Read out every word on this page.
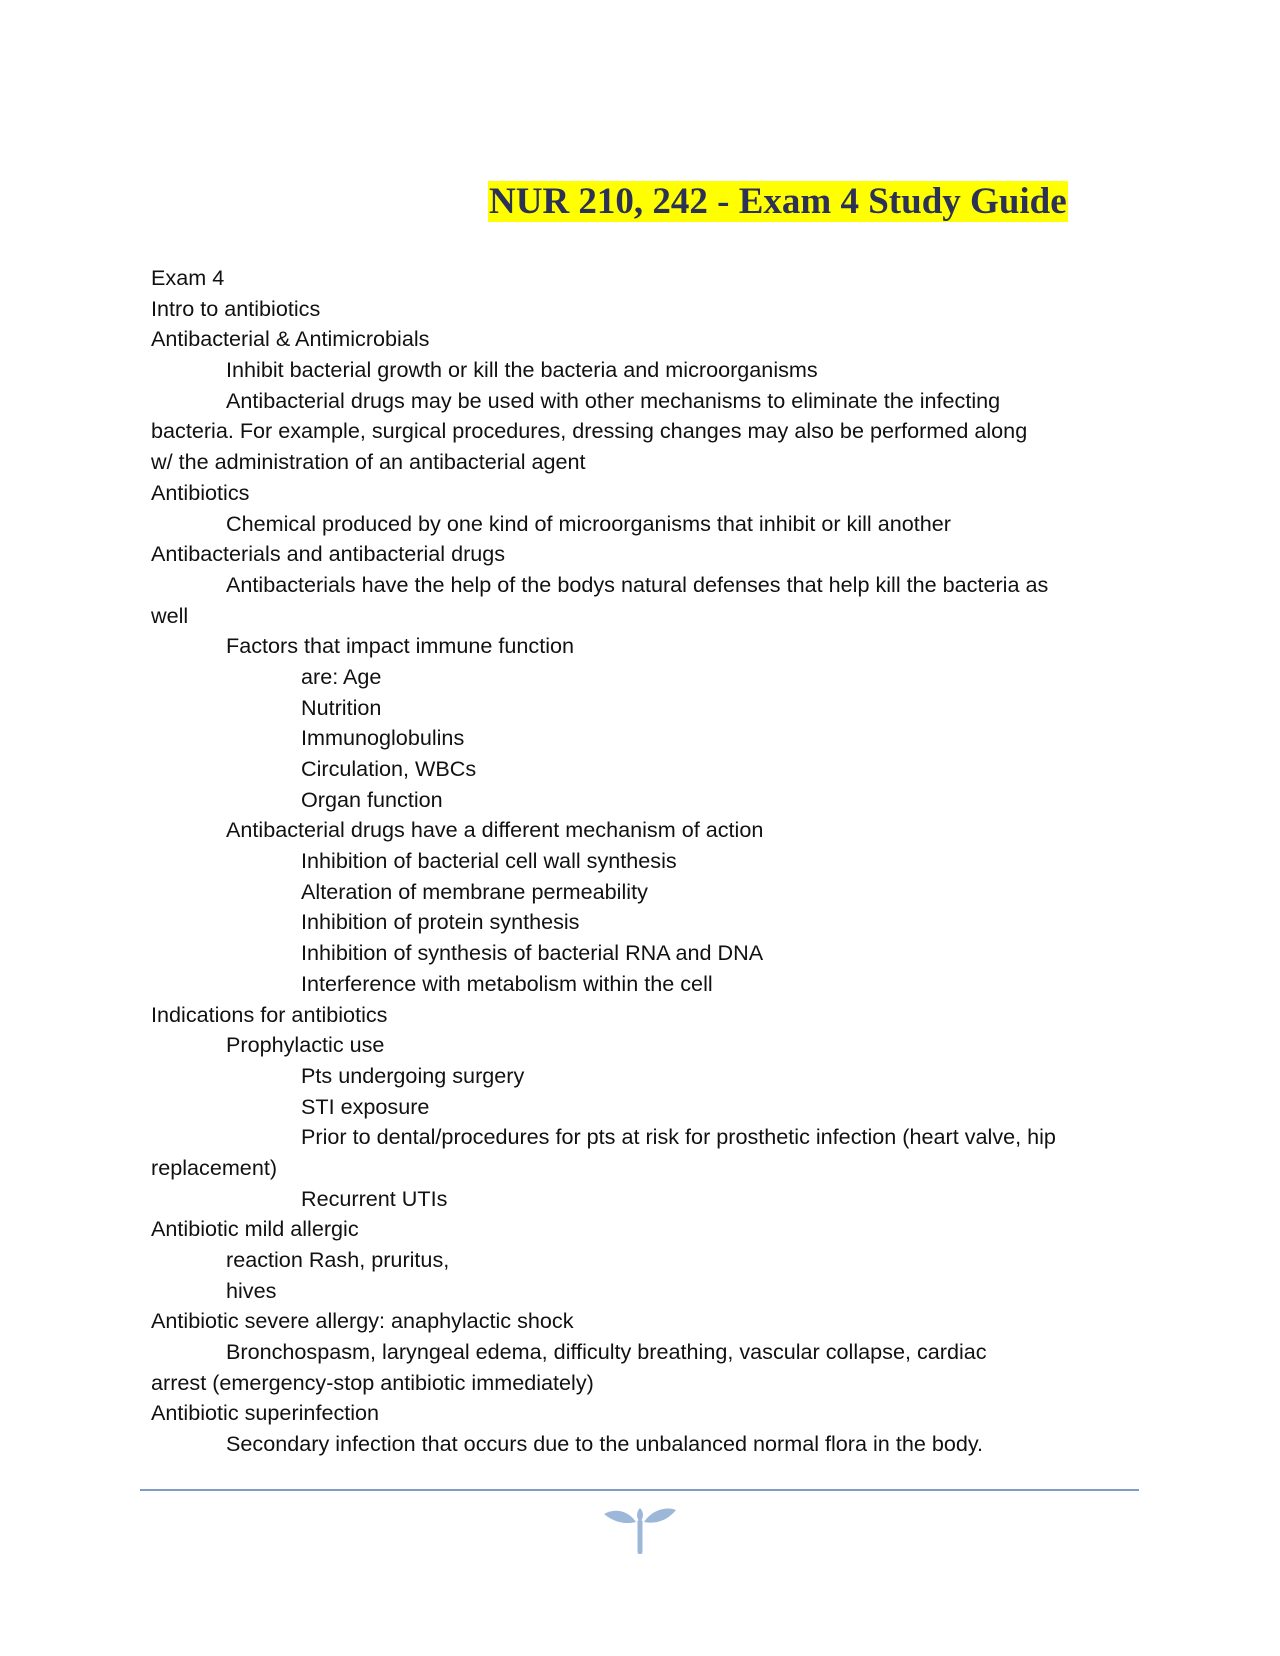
NUR 210, 242 - Exam 4 Study Guide
Exam 4
Intro to antibiotics
Antibacterial & Antimicrobials
Inhibit bacterial growth or kill the bacteria and microorganisms
Antibacterial drugs may be used with other mechanisms to eliminate the infecting
bacteria. For example, surgical procedures, dressing changes may also be performed along
w/ the administration of an antibacterial agent
Antibiotics
Chemical produced by one kind of microorganisms that inhibit or kill another
Antibacterials and antibacterial drugs
Antibacterials have the help of the bodys natural defenses that help kill the bacteria as
well
Factors that impact immune function
are: Age
Nutrition
Immunoglobulins
Circulation, WBCs
Organ function
Antibacterial drugs have a different mechanism of action
Inhibition of bacterial cell wall synthesis
Alteration of membrane permeability
Inhibition of protein synthesis
Inhibition of synthesis of bacterial RNA and DNA
Interference with metabolism within the cell
Indications for antibiotics
Prophylactic use
Pts undergoing surgery
STI exposure
Prior to dental/procedures for pts at risk for prosthetic infection (heart valve, hip
replacement)
Recurrent UTIs
Antibiotic mild allergic
reaction Rash, pruritus,
hives
Antibiotic severe allergy: anaphylactic shock
Bronchospasm, laryngeal edema, difficulty breathing, vascular collapse, cardiac
arrest (emergency-stop antibiotic immediately)
Antibiotic superinfection
Secondary infection that occurs due to the unbalanced normal flora in the body.
